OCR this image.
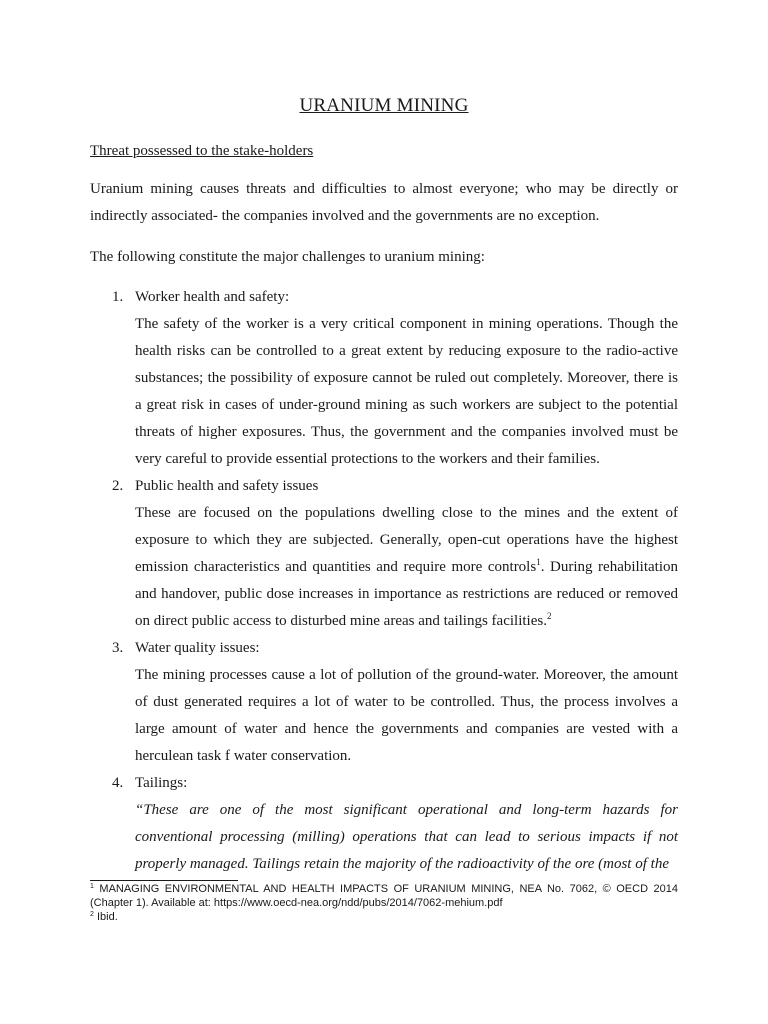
URANIUM MINING
Threat possessed to the stake-holders
Uranium mining causes threats and difficulties to almost everyone; who may be directly or indirectly associated- the companies involved and the governments are no exception.
The following constitute the major challenges to uranium mining:
1. Worker health and safety:
The safety of the worker is a very critical component in mining operations. Though the health risks can be controlled to a great extent by reducing exposure to the radio-active substances; the possibility of exposure cannot be ruled out completely. Moreover, there is a great risk in cases of under-ground mining as such workers are subject to the potential threats of higher exposures. Thus, the government and the companies involved must be very careful to provide essential protections to the workers and their families.
2. Public health and safety issues
These are focused on the populations dwelling close to the mines and the extent of exposure to which they are subjected. Generally, open-cut operations have the highest emission characteristics and quantities and require more controls$^1$. During rehabilitation and handover, public dose increases in importance as restrictions are reduced or removed on direct public access to disturbed mine areas and tailings facilities.$^2$
3. Water quality issues:
The mining processes cause a lot of pollution of the ground-water. Moreover, the amount of dust generated requires a lot of water to be controlled. Thus, the process involves a large amount of water and hence the governments and companies are vested with a herculean task f water conservation.
4. Tailings:
“These are one of the most significant operational and long-term hazards for conventional processing (milling) operations that can lead to serious impacts if not properly managed. Tailings retain the majority of the radioactivity of the ore (most of the
$^1$ MANAGING ENVIRONMENTAL AND HEALTH IMPACTS OF URANIUM MINING, NEA No. 7062, © OECD 2014 (Chapter 1). Available at: https://www.oecd-nea.org/ndd/pubs/2014/7062-mehium.pdf
$^2$ Ibid.
